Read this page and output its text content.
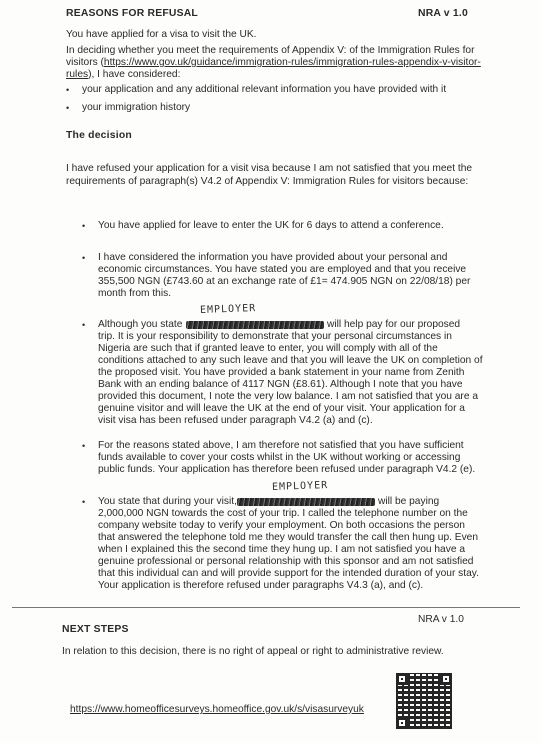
REASONS FOR REFUSAL	NRA v 1.0
You have applied for a visa to visit the UK.
In deciding whether you meet the requirements of Appendix V: of the Immigration Rules for
visitors (https://www.gov.uk/guidance/immigration-rules/immigration-rules-appendix-v-visitor-
rules), I have considered:
• your application and any additional relevant information you have provided with it
• your immigration history
The decision
I have refused your application for a visit visa because I am not satisfied that you meet the
requirements of paragraph(s) V4.2 of Appendix V: Immigration Rules for visitors because:
• You have applied for leave to enter the UK for 6 days to attend a conference.
• I have considered the information you have provided about your personal and
economic circumstances. You have stated you are employed and that you receive
355,500 NGN (£743.60 at an exchange rate of £1= 474.905 NGN on 22/08/18) per
month from this.
EMPLOYER
• Although you state	will help pay for our proposed
trip. It is your responsibility to demonstrate that your personal circumstances in
Nigeria are such that if granted leave to enter, you will comply with all of the
conditions attached to any such leave and that you will leave the UK on completion of
the proposed visit. You have provided a bank statement in your name from Zenith
Bank with an ending balance of 4117 NGN (£8.61). Although I note that you have
provided this document, I note the very low balance. I am not satisfied that you are a
genuine visitor and will leave the UK at the end of your visit. Your application for a
visit visa has been refused under paragraph V4.2 (a) and (c).
• For the reasons stated above, I am therefore not satisfied that you have sufficient
funds available to cover your costs whilst in the UK without working or accessing
public funds. Your application has therefore been refused under paragraph V4.2 (e).
EMPLOYER
• You state that during your visit,	will be paying
2,000,000 NGN towards the cost of your trip. I called the telephone number on the
company website today to verify your employment. On both occasions the person
that answered the telephone told me they would transfer the call then hung up. Even
when I explained this the second time they hung up. I am not satisfied you have a
genuine professional or personal relationship with this sponsor and am not satisfied
that this individual can and will provide support for the intended duration of your stay.
Your application is therefore refused under paragraphs V4.3 (a), and (c).
NRA v 1.0
NEXT STEPS
In relation to this decision, there is no right of appeal or right to administrative review.
https://www.homeofficesurveys.homeoffice.gov.uk/s/visasurveyuk
